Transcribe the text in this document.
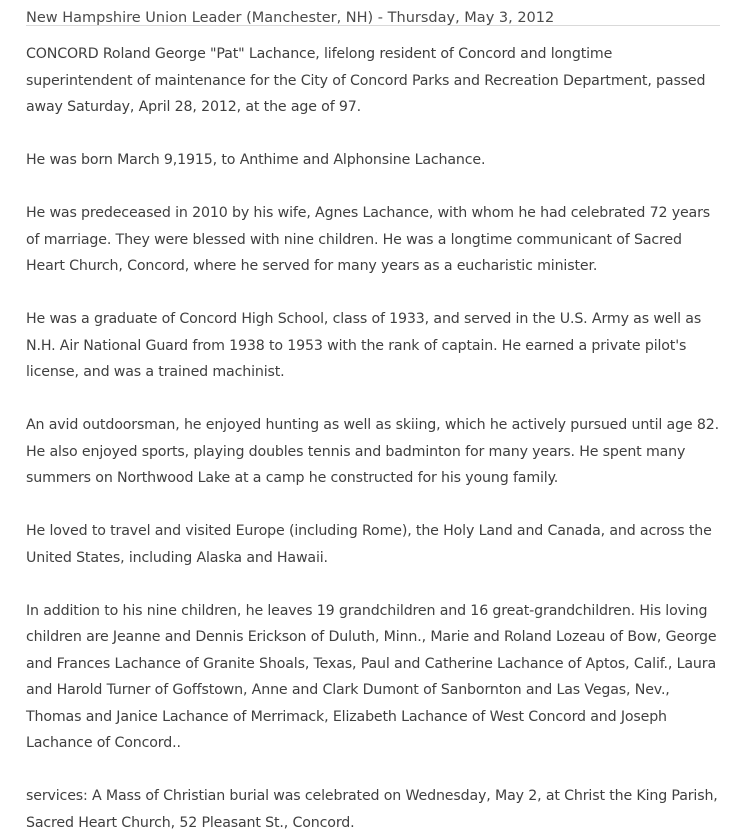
New Hampshire Union Leader (Manchester, NH) - Thursday, May 3, 2012

CONCORD Roland George "Pat" Lachance, lifelong resident of Concord and longtime superintendent of maintenance for the City of Concord Parks and Recreation Department, passed away Saturday, April 28, 2012, at the age of 97.

He was born March 9,1915, to Anthime and Alphonsine Lachance.

He was predeceased in 2010 by his wife, Agnes Lachance, with whom he had celebrated 72 years of marriage. They were blessed with nine children. He was a longtime communicant of Sacred Heart Church, Concord, where he served for many years as a eucharistic minister.

He was a graduate of Concord High School, class of 1933, and served in the U.S. Army as well as N.H. Air National Guard from 1938 to 1953 with the rank of captain. He earned a private pilot's license, and was a trained machinist.

An avid outdoorsman, he enjoyed hunting as well as skiing, which he actively pursued until age 82. He also enjoyed sports, playing doubles tennis and badminton for many years. He spent many summers on Northwood Lake at a camp he constructed for his young family.

He loved to travel and visited Europe (including Rome), the Holy Land and Canada, and across the United States, including Alaska and Hawaii.

In addition to his nine children, he leaves 19 grandchildren and 16 great-grandchildren. His loving children are Jeanne and Dennis Erickson of Duluth, Minn., Marie and Roland Lozeau of Bow, George and Frances Lachance of Granite Shoals, Texas, Paul and Catherine Lachance of Aptos, Calif., Laura and Harold Turner of Goffstown, Anne and Clark Dumont of Sanbornton and Las Vegas, Nev., Thomas and Janice Lachance of Merrimack, Elizabeth Lachance of West Concord and Joseph Lachance of Concord..

services: A Mass of Christian burial was celebrated on Wednesday, May 2, at Christ the King Parish, Sacred Heart Church, 52 Pleasant St., Concord.
